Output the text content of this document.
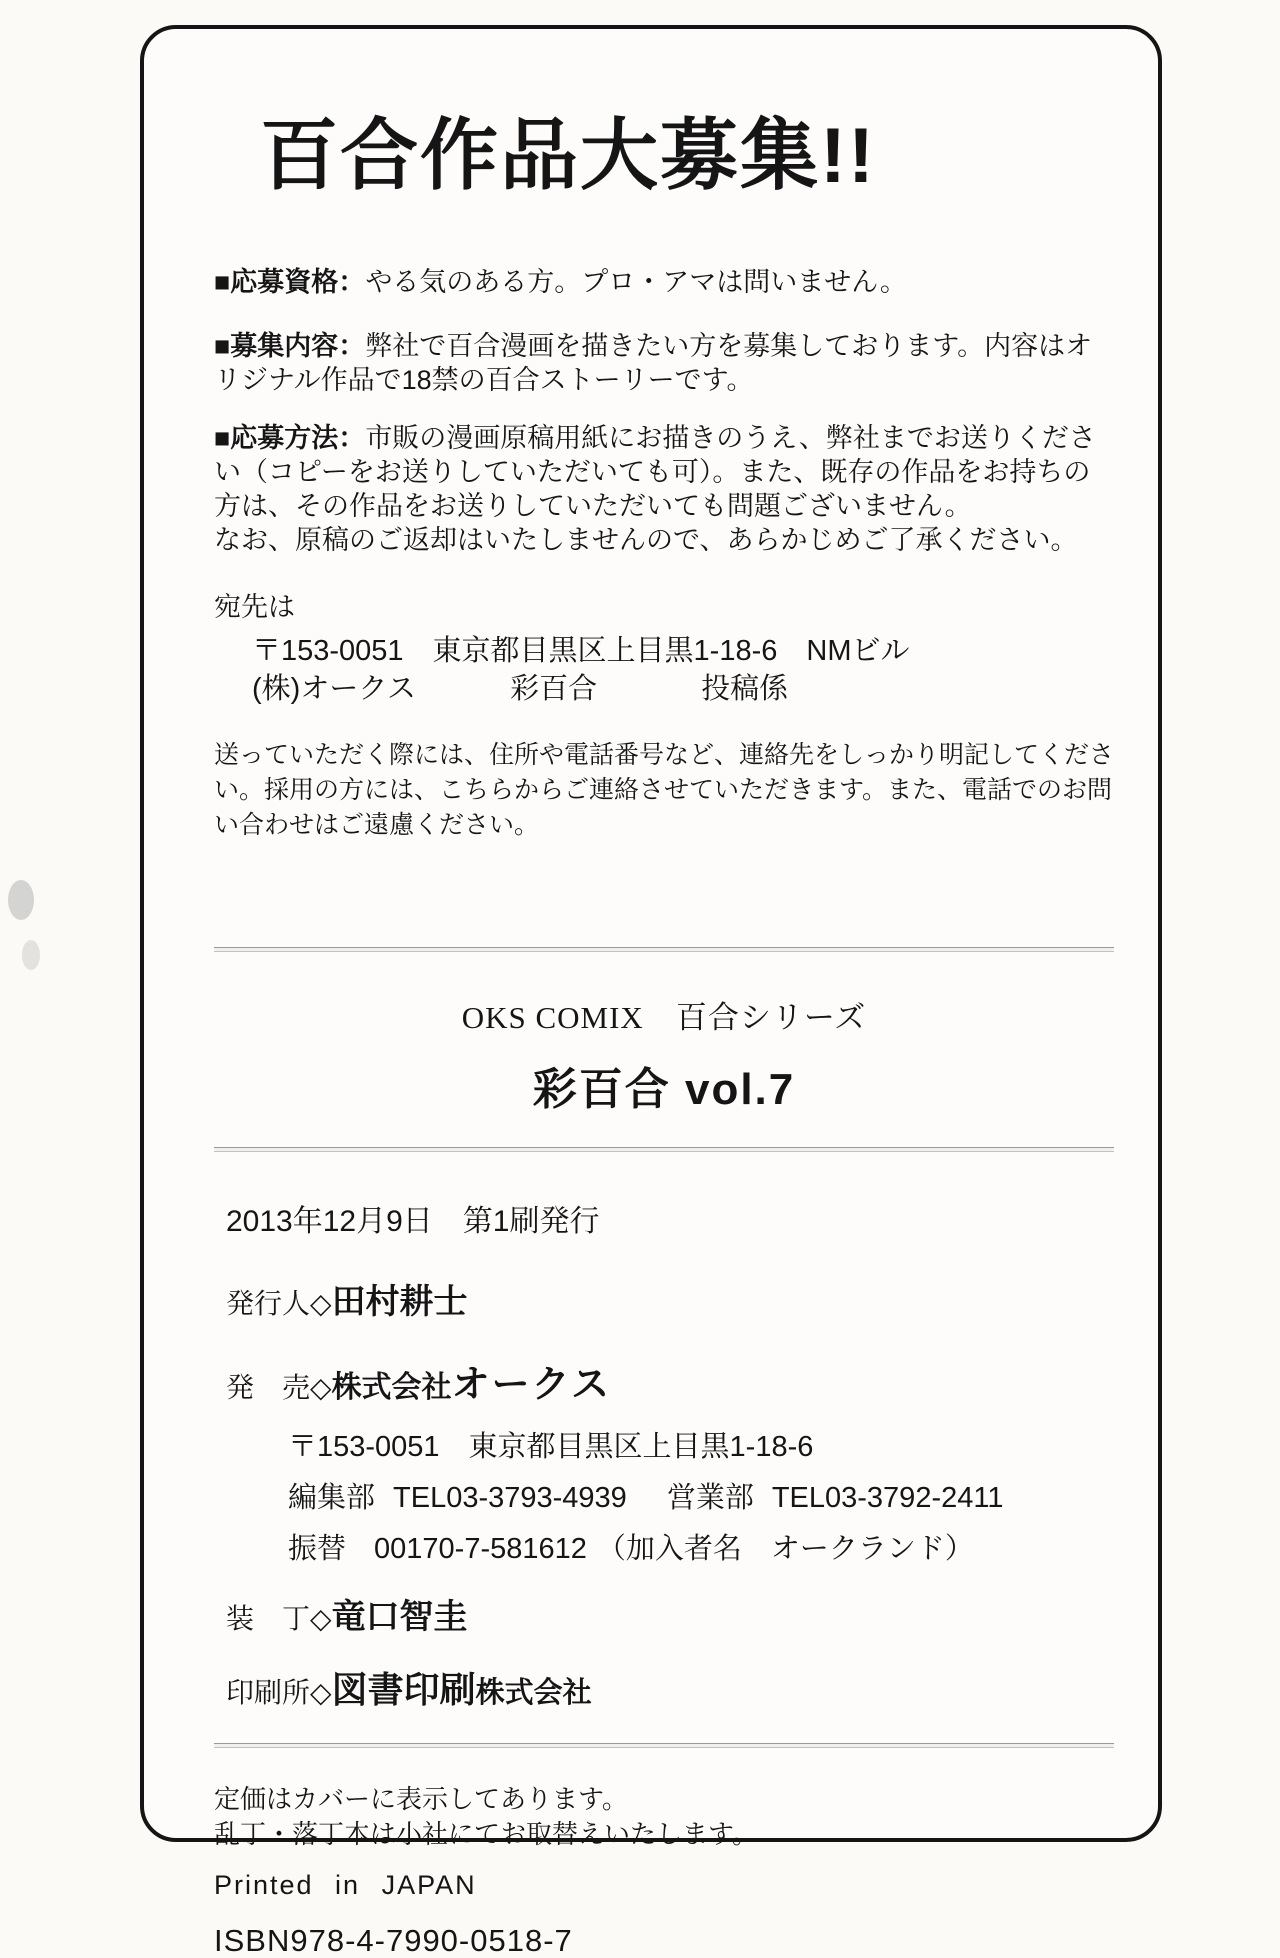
百合作品大募集!!
■応募資格：やる気のある方。プロ・アマは問いません。
■募集内容：弊社で百合漫画を描きたい方を募集しております。内容はオリジナル作品で18禁の百合ストーリーです。
■応募方法：市販の漫画原稿用紙にお描きのうえ、弊社までお送りください（コピーをお送りしていただいても可）。また、既存の作品をお持ちの方は、その作品をお送りしていただいても問題ございません。
なお、原稿のご返却はいたしませんので、あらかじめご了承ください。
宛先は
〒153-0051　東京都目黒区上目黒1-18-6　NMビル
(株)オークス	彩百合	投稿係
送っていただく際には、住所や電話番号など、連絡先をしっかり明記してください。採用の方には、こちらからご連絡させていただきます。また、電話でのお問い合わせはご遠慮ください。
OKS COMIX　百合シリーズ
彩百合 vol.7
2013年12月9日　第1刷発行
発行人◇田村耕士
発　売◇株式会社オークス
〒153-0051　東京都目黒区上目黒1-18-6
編集部 TEL03-3793-4939 営業部 TEL03-3792-2411
振替 00170-7-581612 （加入者名　オークランド）
装　丁◇竜口智圭
印刷所◇図書印刷株式会社
定価はカバーに表示してあります。
乱丁・落丁本は小社にてお取替えいたします。
Printed in JAPAN
ISBN978-4-7990-0518-7
